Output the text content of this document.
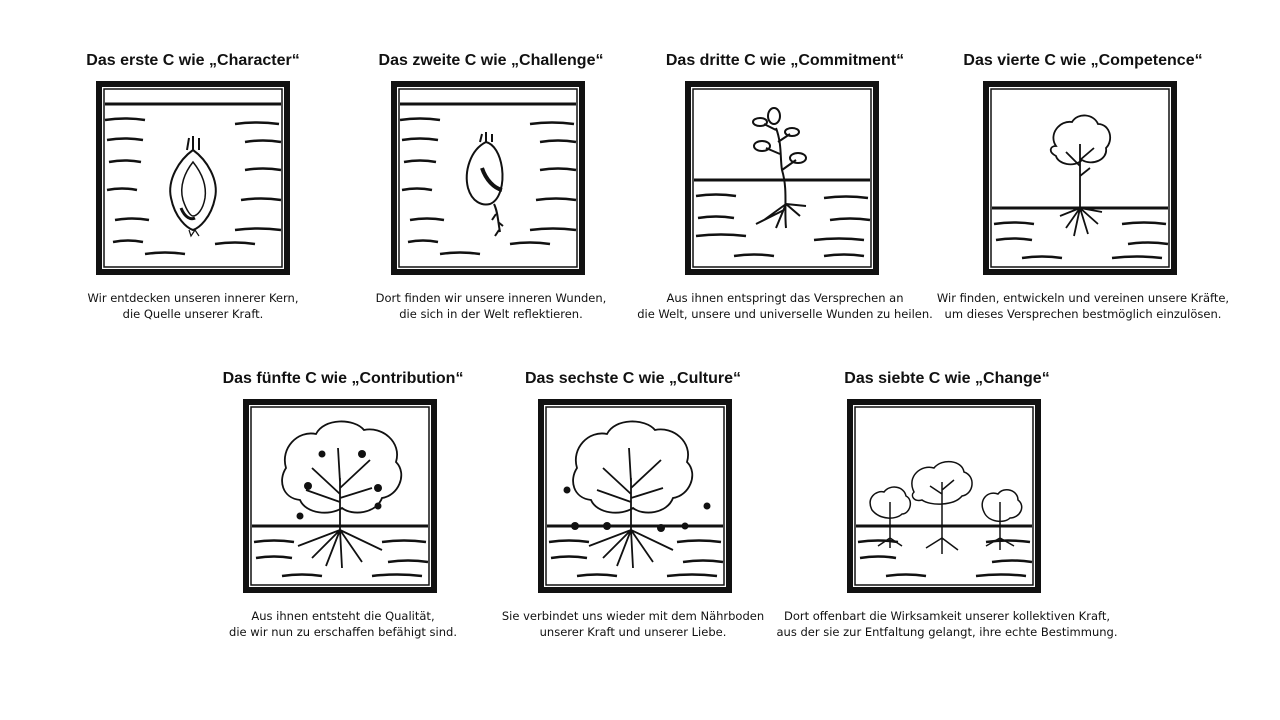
Das erste C wie „Character“
Wir entdecken unseren innerer Kern,
die Quelle unserer Kraft.
Das zweite C wie „Challenge“
Dort finden wir unsere inneren Wunden,
die sich in der Welt reflektieren.
Das dritte C wie „Commitment“
Aus ihnen entspringt das Versprechen an
die Welt, unsere und universelle Wunden zu heilen.
Das vierte C wie „Competence“
Wir finden, entwickeln und vereinen unsere Kräfte,
um dieses Versprechen bestmöglich einzulösen.
Das fünfte C wie „Contribution“
Aus ihnen entsteht die Qualität,
die wir nun zu erschaffen befähigt sind.
Das sechste C wie „Culture“
Sie verbindet uns wieder mit dem Nährboden
unserer Kraft und unserer Liebe.
Das siebte C wie „Change“
Dort offenbart die Wirksamkeit unserer kollektiven Kraft,
aus der sie zur Entfaltung gelangt, ihre echte Bestimmung.
